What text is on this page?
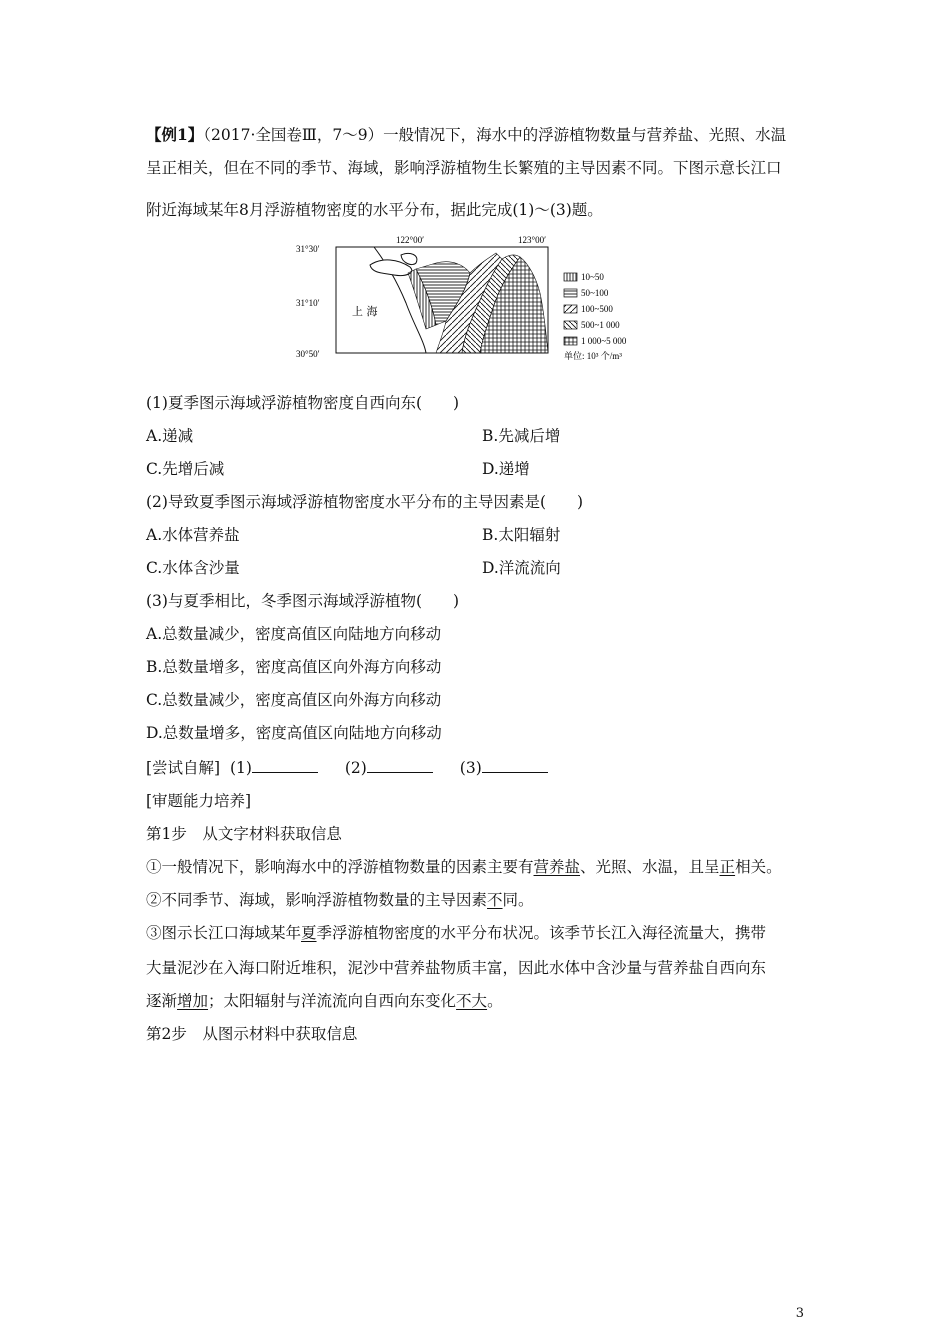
【例1】（2017·全国卷Ⅲ，7～9）一般情况下，海水中的浮游植物数量与营养盐、光照、水温
呈正相关，但在不同的季节、海域，影响浮游植物生长繁殖的主导因素不同。下图示意长江口
附近海域某年8月浮游植物密度的水平分布，据此完成(1)～(3)题。
31°30′
31°10′
30°50′
122°00′	123°00′
上 海
10~50
50~100
100~500
500~1 000
1 000~5 000
单位: 10³ 个/m³
(1)夏季图示海域浮游植物密度自西向东(　　)
A.递减	B.先减后增
C.先增后减	D.递增
(2)导致夏季图示海域浮游植物密度水平分布的主导因素是(　　)
A.水体营养盐	B.太阳辐射
C.水体含沙量	D.洋流流向
(3)与夏季相比，冬季图示海域浮游植物(　　)
A.总数量减少，密度高值区向陆地方向移动
B.总数量增多，密度高值区向外海方向移动
C.总数量减少，密度高值区向外海方向移动
D.总数量增多，密度高值区向陆地方向移动
[尝试自解] (1)	(2)	(3)
[审题能力培养]
第1步　从文字材料获取信息
①一般情况下，影响海水中的浮游植物数量的因素主要有营养盐、光照、水温，且呈正相关。
②不同季节、海域，影响浮游植物数量的主导因素不同。
③图示长江口海域某年夏季浮游植物密度的水平分布状况。该季节长江入海径流量大，携带
大量泥沙在入海口附近堆积，泥沙中营养盐物质丰富，因此水体中含沙量与营养盐自西向东
逐渐增加；太阳辐射与洋流流向自西向东变化不大。
第2步　从图示材料中获取信息
3
